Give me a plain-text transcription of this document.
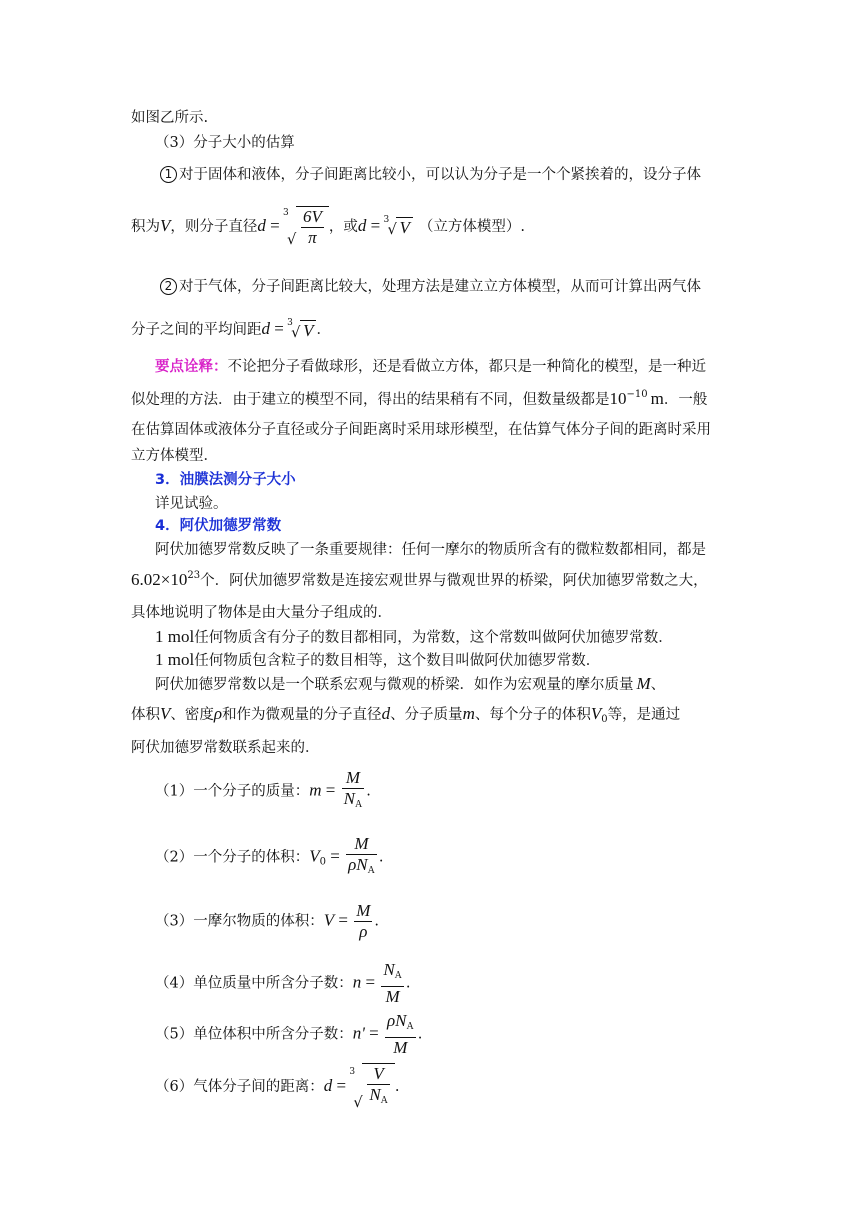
如图乙所示.
（3）分子大小的估算
1 对于固体和液体，分子间距离比较小，可以认为分子是一个个紧挨着的，设分子体
积为V，则分子直径d =
3
√ $\frac{6V}{\pi}$ ，或d = 3
√ V （立方体模型）.
2 对于气体，分子间距离比较大，处理方法是建立立方体模型，从而可计算出两气体
分子之间的平均间距d = 3
√ V ．
要点诠释：不论把分子看做球形，还是看做立方体，都只是一种简化的模型，是一种近
似处理的方法．由于建立的模型不同，得出的结果稍有不同，但数量级都是$10^{-10}$ m．一般
在估算固体或液体分子直径或分子间距离时采用球形模型，在估算气体分子间的距离时采用
立方体模型．
3．油膜法测分子大小
详见试验。
4．阿伏加德罗常数
阿伏加德罗常数反映了一条重要规律：任何一摩尔的物质所含有的微粒数都相同，都是
$6.02\times 10^{23}$个．阿伏加德罗常数是连接宏观世界与微观世界的桥梁，阿伏加德罗常数之大，
具体地说明了物体是由大量分子组成的．
1 mol任何物质含有分子的数目都相同，为常数，这个常数叫做阿伏加德罗常数．
1 mol任何物质包含粒子的数目相等，这个数目叫做阿伏加德罗常数．
阿伏加德罗常数以是一个联系宏观与微观的桥梁．如作为宏观量的摩尔质量 M、
体积V、密度ρ和作为微观量的分子直径d、分子质量m、每个分子的体积$V_0$等，是通过
阿伏加德罗常数联系起来的．
（1）一个分子的质量：$m = \frac{M}{N_A}$ .
（2）一个分子的体积：$V_0 = \frac{M}{\rho N_A}$ .
（3）一摩尔物质的体积：$V = \frac{M}{\rho}$ .
（4）单位质量中所含分子数：$n = \frac{N_A}{M}$ .
（5）单位体积中所含分子数：$n' = \frac{\rho N_A}{M}$ .
（6）气体分子间的距离：d =
3
√ $\frac{V}{N_A}$ .
